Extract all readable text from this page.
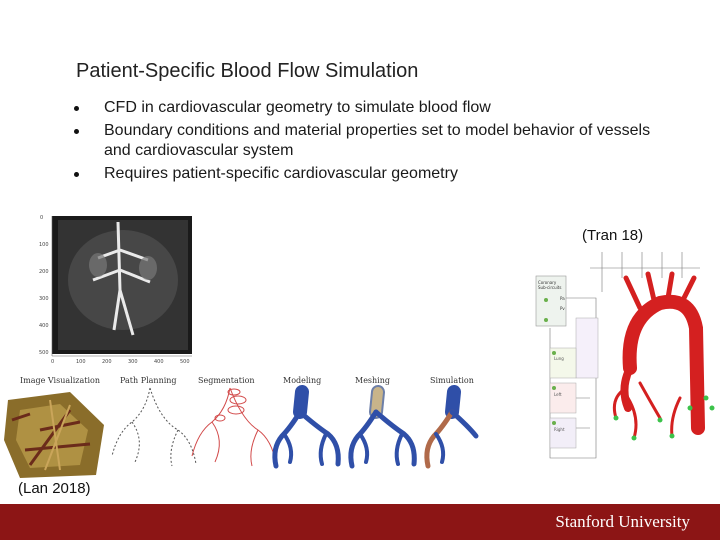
Patient-Specific Blood Flow Simulation
CFD in cardiovascular geometry to simulate blood flow
Boundary conditions and material properties set to model behavior of vessels and cardiovascular system
Requires patient-specific cardiovascular geometry
(Tran 18)
0
100
200
300
400
500
0	100	200	300	400	500
Image Visualization	Path Planning	Segmentation	Modeling	Meshing	Simulation
(Lan 2018)
Coronary
Sub-circuits
Pa
Pv
Lung
Left
Right
Stanford University
